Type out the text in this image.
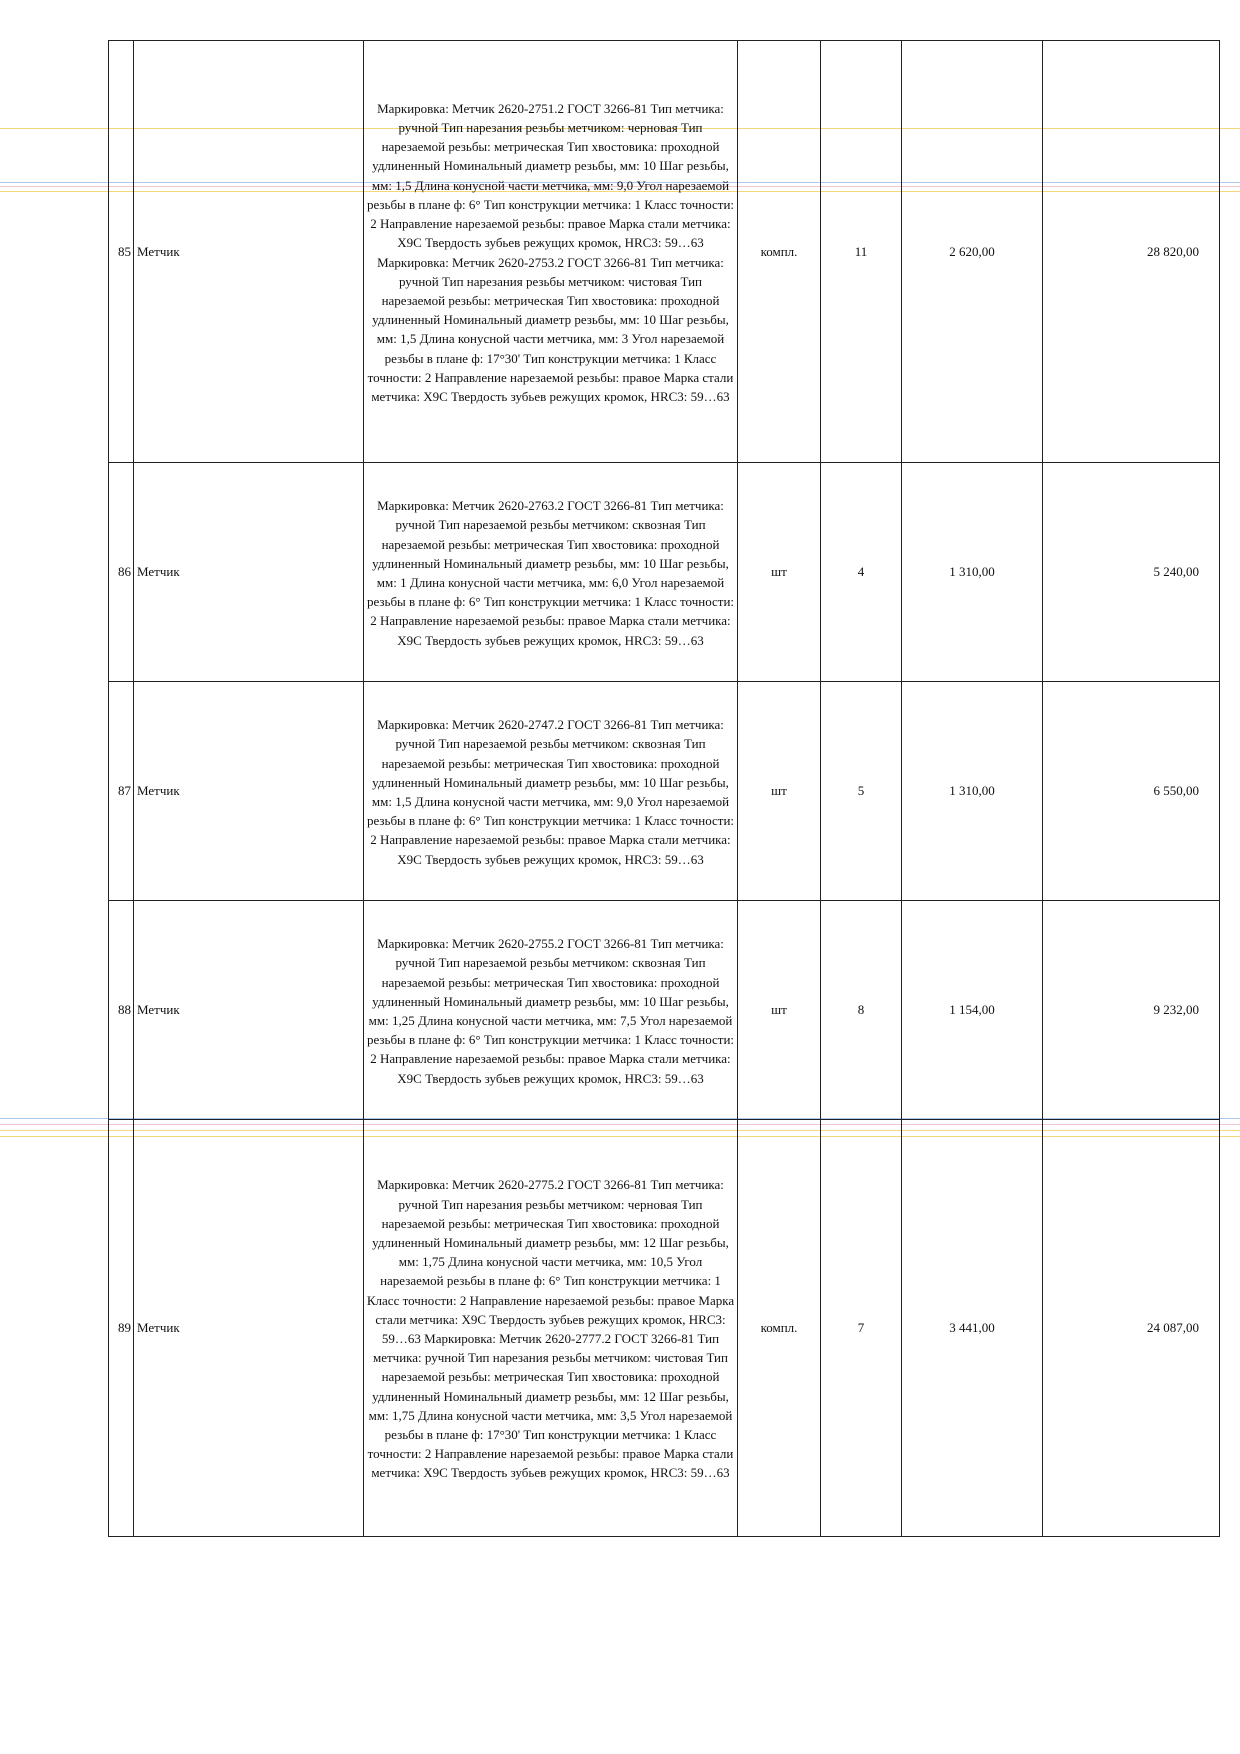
85	Метчик	Маркировка: Метчик 2620-2751.2 ГОСТ 3266-81 Тип метчика: ручной Тип нарезания резьбы метчиком: черновая Тип нарезаемой резьбы: метрическая Тип хвостовика: проходной удлиненный Номинальный диаметр резьбы, мм: 10 Шаг резьбы, мм: 1,5 Длина конусной части метчика, мм: 9,0 Угол нарезаемой резьбы в плане ф: 6° Тип конструкции метчика: 1 Класс точности: 2 Направление нарезаемой резьбы: правое Марка стали метчика: Х9С Твердость зубьев режущих кромок, HRC3: 59…63 Маркировка: Метчик 2620-2753.2 ГОСТ 3266-81 Тип метчика: ручной Тип нарезания резьбы метчиком: чистовая Тип нарезаемой резьбы: метрическая Тип хвостовика: проходной удлиненный Номинальный диаметр резьбы, мм: 10 Шаг резьбы, мм: 1,5 Длина конусной части метчика, мм: 3 Угол нарезаемой резьбы в плане ф: 17°30' Тип конструкции метчика: 1 Класс точности: 2 Направление нарезаемой резьбы: правое Марка стали метчика: Х9С Твердость зубьев режущих кромок, HRC3: 59…63	компл.	11	2 620,00	28 820,00
86	Метчик	Маркировка: Метчик 2620-2763.2 ГОСТ 3266-81 Тип метчика: ручной Тип нарезаемой резьбы метчиком: сквозная Тип нарезаемой резьбы: метрическая Тип хвостовика: проходной удлиненный Номинальный диаметр резьбы, мм: 10 Шаг резьбы, мм: 1 Длина конусной части метчика, мм: 6,0 Угол нарезаемой резьбы в плане ф: 6° Тип конструкции метчика: 1 Класс точности: 2 Направление нарезаемой резьбы: правое Марка стали метчика: Х9С Твердость зубьев режущих кромок, HRC3: 59…63	шт	4	1 310,00	5 240,00
87	Метчик	Маркировка: Метчик 2620-2747.2 ГОСТ 3266-81 Тип метчика: ручной Тип нарезаемой резьбы метчиком: сквозная Тип нарезаемой резьбы: метрическая Тип хвостовика: проходной удлиненный Номинальный диаметр резьбы, мм: 10 Шаг резьбы, мм: 1,5 Длина конусной части метчика, мм: 9,0 Угол нарезаемой резьбы в плане ф: 6° Тип конструкции метчика: 1 Класс точности: 2 Направление нарезаемой резьбы: правое Марка стали метчика: Х9С Твердость зубьев режущих кромок, HRC3: 59…63	шт	5	1 310,00	6 550,00
88	Метчик	Маркировка: Метчик 2620-2755.2 ГОСТ 3266-81 Тип метчика: ручной Тип нарезаемой резьбы метчиком: сквозная Тип нарезаемой резьбы: метрическая Тип хвостовика: проходной удлиненный Номинальный диаметр резьбы, мм: 10 Шаг резьбы, мм: 1,25 Длина конусной части метчика, мм: 7,5 Угол нарезаемой резьбы в плане ф: 6° Тип конструкции метчика: 1 Класс точности: 2 Направление нарезаемой резьбы: правое Марка стали метчика: Х9С Твердость зубьев режущих кромок, HRC3: 59…63	шт	8	1 154,00	9 232,00
89	Метчик	Маркировка: Метчик 2620-2775.2 ГОСТ 3266-81 Тип метчика: ручной Тип нарезания резьбы метчиком: черновая Тип нарезаемой резьбы: метрическая Тип хвостовика: проходной удлиненный Номинальный диаметр резьбы, мм: 12 Шаг резьбы, мм: 1,75 Длина конусной части метчика, мм: 10,5 Угол нарезаемой резьбы в плане ф: 6° Тип конструкции метчика: 1 Класс точности: 2 Направление нарезаемой резьбы: правое Марка стали метчика: Х9С Твердость зубьев режущих кромок, HRC3: 59…63 Маркировка: Метчик 2620-2777.2 ГОСТ 3266-81 Тип метчика: ручной Тип нарезания резьбы метчиком: чистовая Тип нарезаемой резьбы: метрическая Тип хвостовика: проходной удлиненный Номинальный диаметр резьбы, мм: 12 Шаг резьбы, мм: 1,75 Длина конусной части метчика, мм: 3,5 Угол нарезаемой резьбы в плане ф: 17°30' Тип конструкции метчика: 1 Класс точности: 2 Направление нарезаемой резьбы: правое Марка стали метчика: Х9С Твердость зубьев режущих кромок, HRC3: 59…63	компл.	7	3 441,00	24 087,00
